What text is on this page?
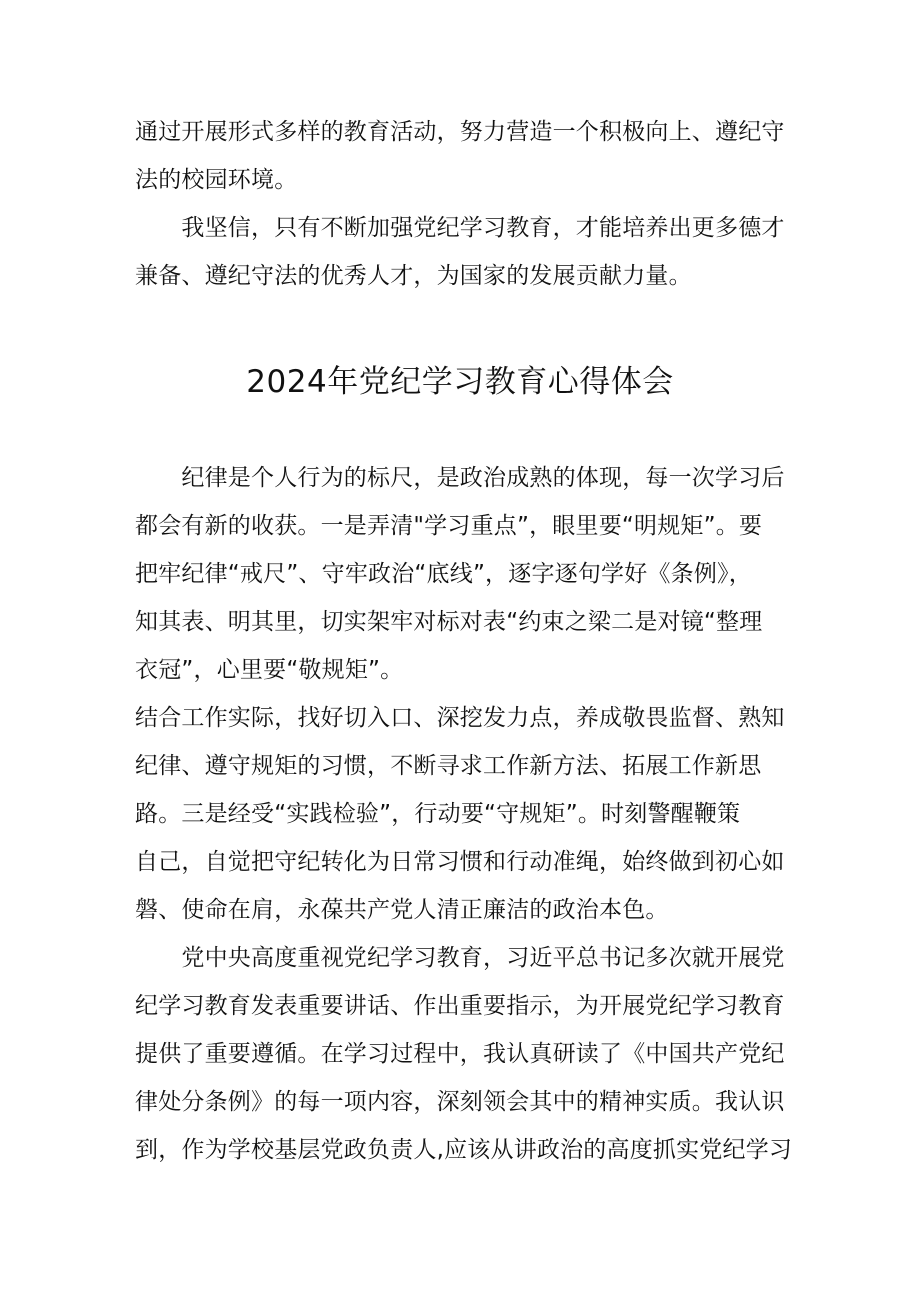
通过开展形式多样的教育活动，努力营造一个积极向上、遵纪守
法的校园环境。
　　我坚信，只有不断加强党纪学习教育，才能培养出更多德才
兼备、遵纪守法的优秀人才，为国家的发展贡献力量。
2024年党纪学习教育心得体会
　　纪律是个人行为的标尺，是政治成熟的体现，每一次学习后
都会有新的收获。一是弄清"学习重点”，眼里要“明规矩”。要
把牢纪律“戒尺”、守牢政治“底线”，逐字逐句学好《条例》，
知其表、明其里，切实架牢对标对表“约束之梁二是对镜“整理
衣冠”，心里要“敬规矩”。
结合工作实际，找好切入口、深挖发力点，养成敬畏监督、熟知
纪律、遵守规矩的习惯，不断寻求工作新方法、拓展工作新思
路。三是经受“实践检验”，行动要“守规矩”。时刻警醒鞭策
自己，自觉把守纪转化为日常习惯和行动准绳，始终做到初心如
磐、使命在肩，永葆共产党人清正廉洁的政治本色。
　　党中央高度重视党纪学习教育，习近平总书记多次就开展党
纪学习教育发表重要讲话、作出重要指示，为开展党纪学习教育
提供了重要遵循。在学习过程中，我认真研读了《中国共产党纪
律处分条例》的每一项内容，深刻领会其中的精神实质。我认识
到，作为学校基层党政负责人,应该从讲政治的高度抓实党纪学习
